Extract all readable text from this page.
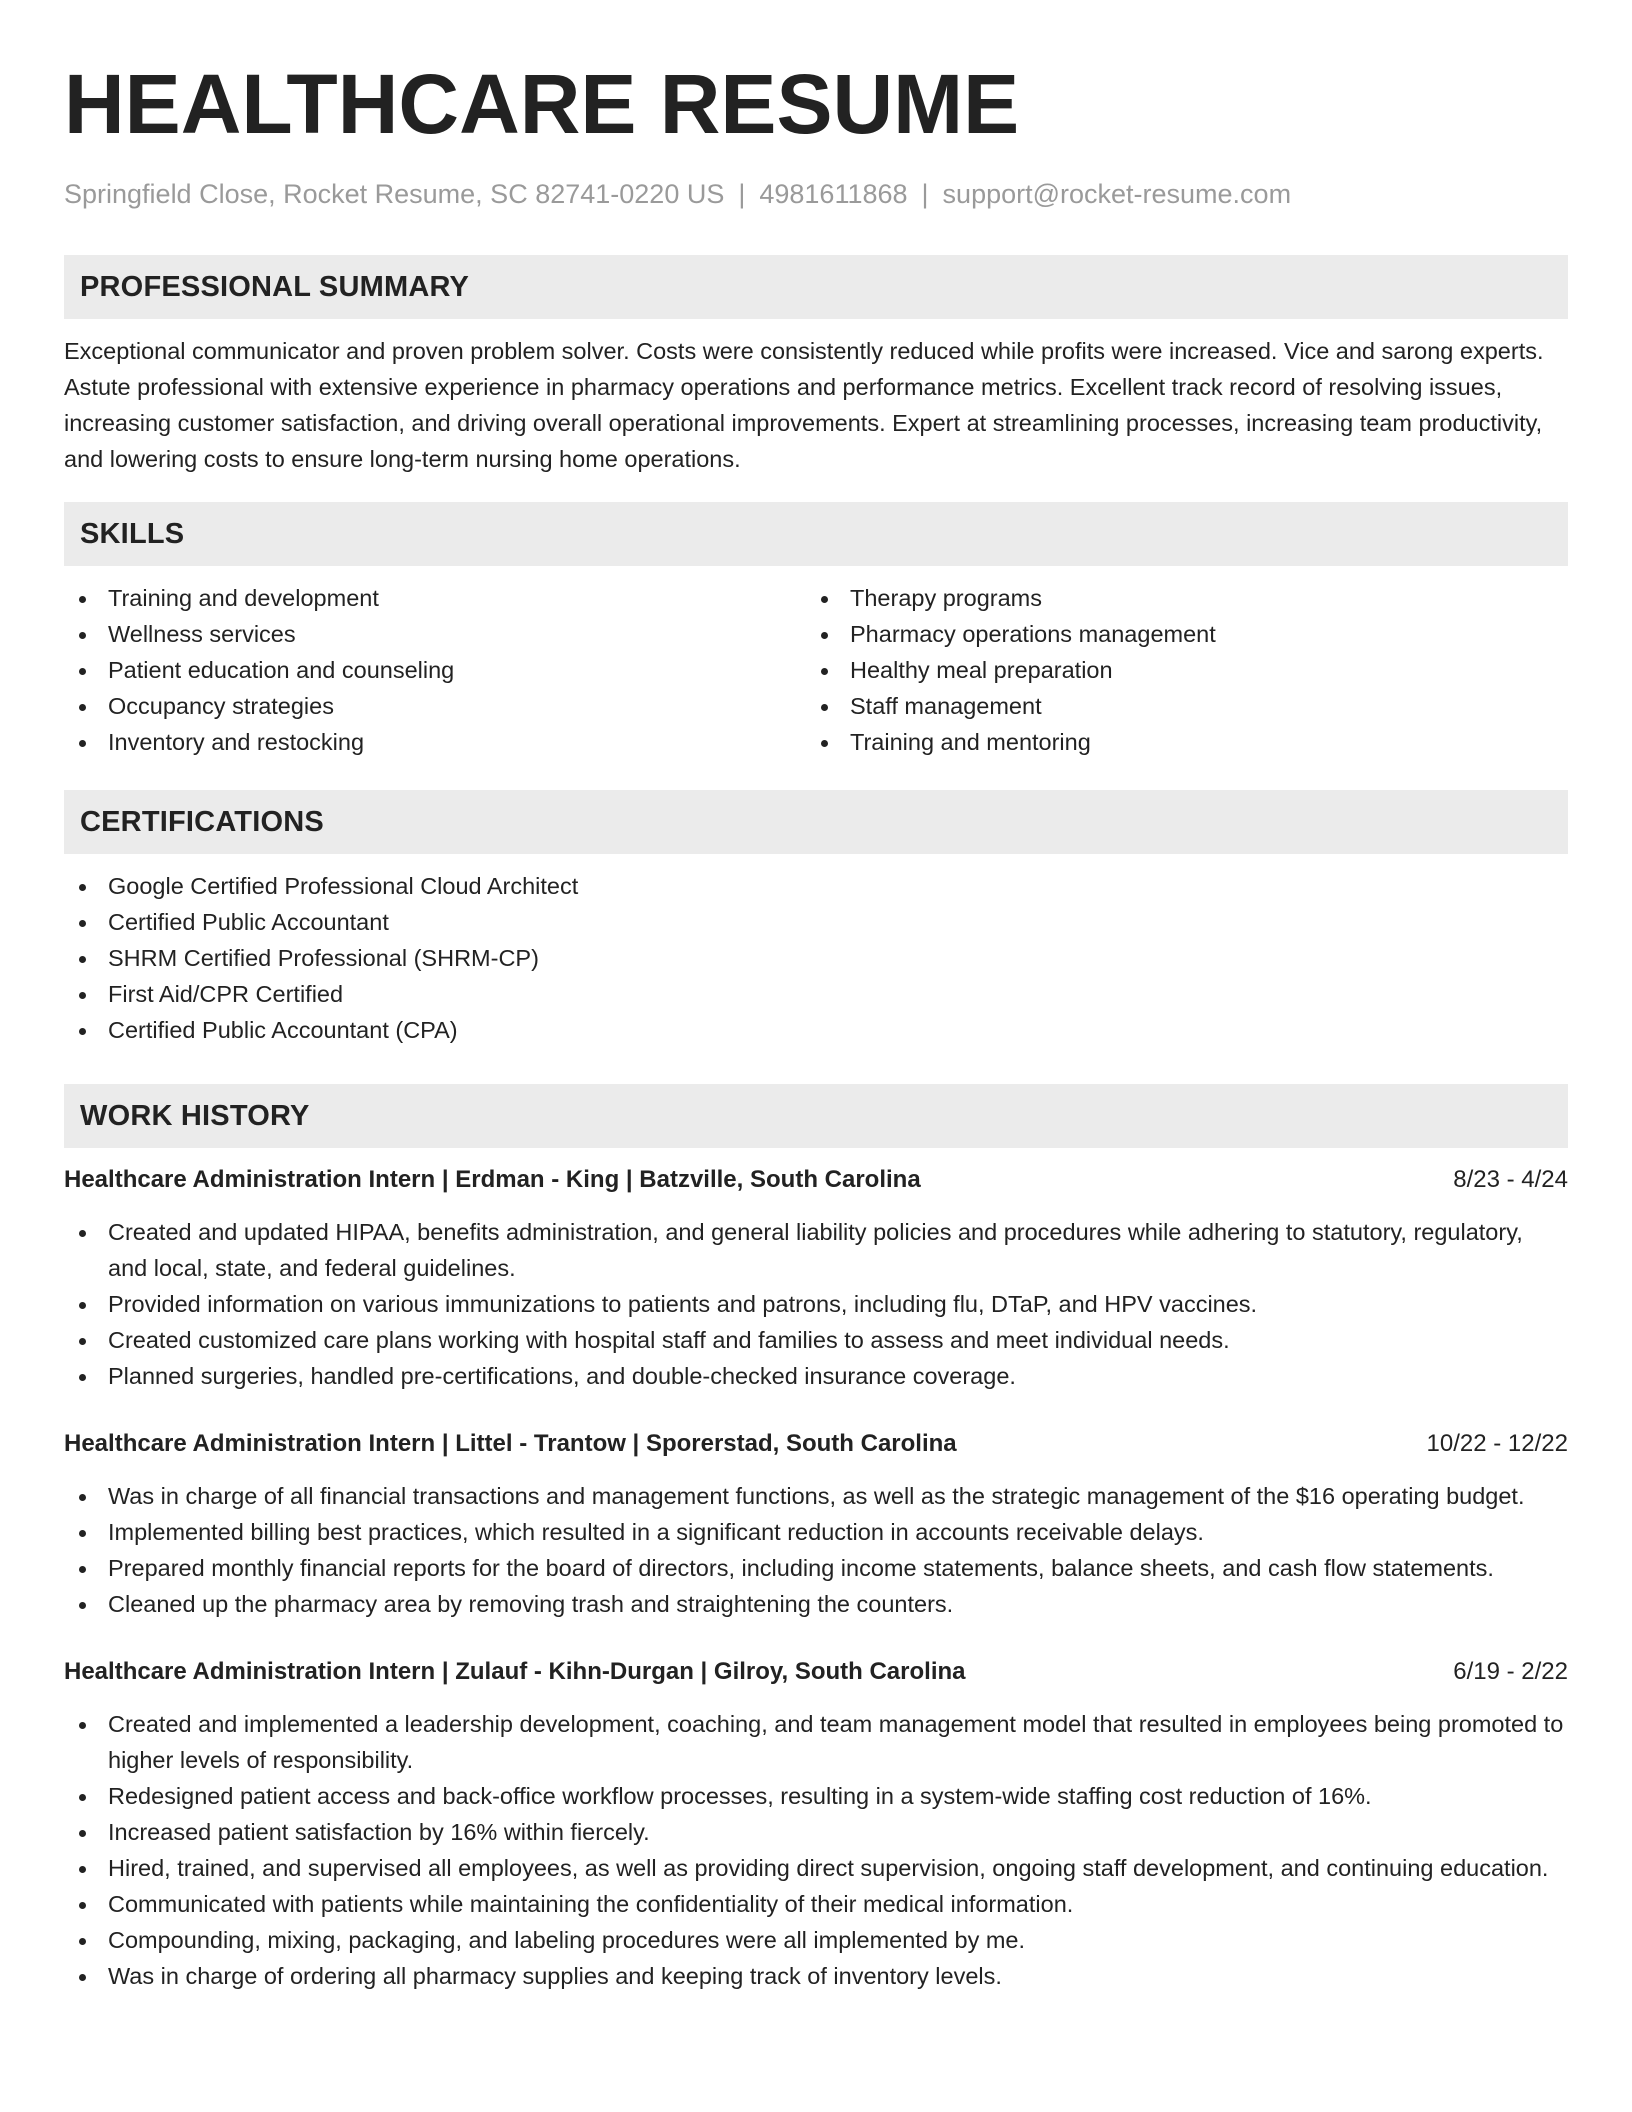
HEALTHCARE RESUME
Springfield Close, Rocket Resume, SC 82741-0220 US | 4981611868 | support@rocket-resume.com
PROFESSIONAL SUMMARY

Exceptional communicator and proven problem solver. Costs were consistently reduced while profits were increased. Vice and sarong experts. Astute professional with extensive experience in pharmacy operations and performance metrics. Excellent track record of resolving issues, increasing customer satisfaction, and driving overall operational improvements. Expert at streamlining processes, increasing team productivity, and lowering costs to ensure long-term nursing home operations.

SKILLS
Training and development
Wellness services
Patient education and counseling
Occupancy strategies
Inventory and restocking
Therapy programs
Pharmacy operations management
Healthy meal preparation
Staff management
Training and mentoring
CERTIFICATIONS
Google Certified Professional Cloud Architect
Certified Public Accountant
SHRM Certified Professional (SHRM-CP)
First Aid/CPR Certified
Certified Public Accountant (CPA)
WORK HISTORY
Healthcare Administration Intern | Erdman - King | Batzville, South Carolina	8/23 - 4/24
Created and updated HIPAA, benefits administration, and general liability policies and procedures while adhering to statutory, regulatory, and local, state, and federal guidelines.
Provided information on various immunizations to patients and patrons, including flu, DTaP, and HPV vaccines.
Created customized care plans working with hospital staff and families to assess and meet individual needs.
Planned surgeries, handled pre-certifications, and double-checked insurance coverage.
Healthcare Administration Intern | Littel - Trantow | Sporerstad, South Carolina	10/22 - 12/22
Was in charge of all financial transactions and management functions, as well as the strategic management of the $16 operating budget.
Implemented billing best practices, which resulted in a significant reduction in accounts receivable delays.
Prepared monthly financial reports for the board of directors, including income statements, balance sheets, and cash flow statements.
Cleaned up the pharmacy area by removing trash and straightening the counters.
Healthcare Administration Intern | Zulauf - Kihn-Durgan | Gilroy, South Carolina	6/19 - 2/22
Created and implemented a leadership development, coaching, and team management model that resulted in employees being promoted to higher levels of responsibility.
Redesigned patient access and back-office workflow processes, resulting in a system-wide staffing cost reduction of 16%.
Increased patient satisfaction by 16% within fiercely.
Hired, trained, and supervised all employees, as well as providing direct supervision, ongoing staff development, and continuing education.
Communicated with patients while maintaining the confidentiality of their medical information.
Compounding, mixing, packaging, and labeling procedures were all implemented by me.
Was in charge of ordering all pharmacy supplies and keeping track of inventory levels.
